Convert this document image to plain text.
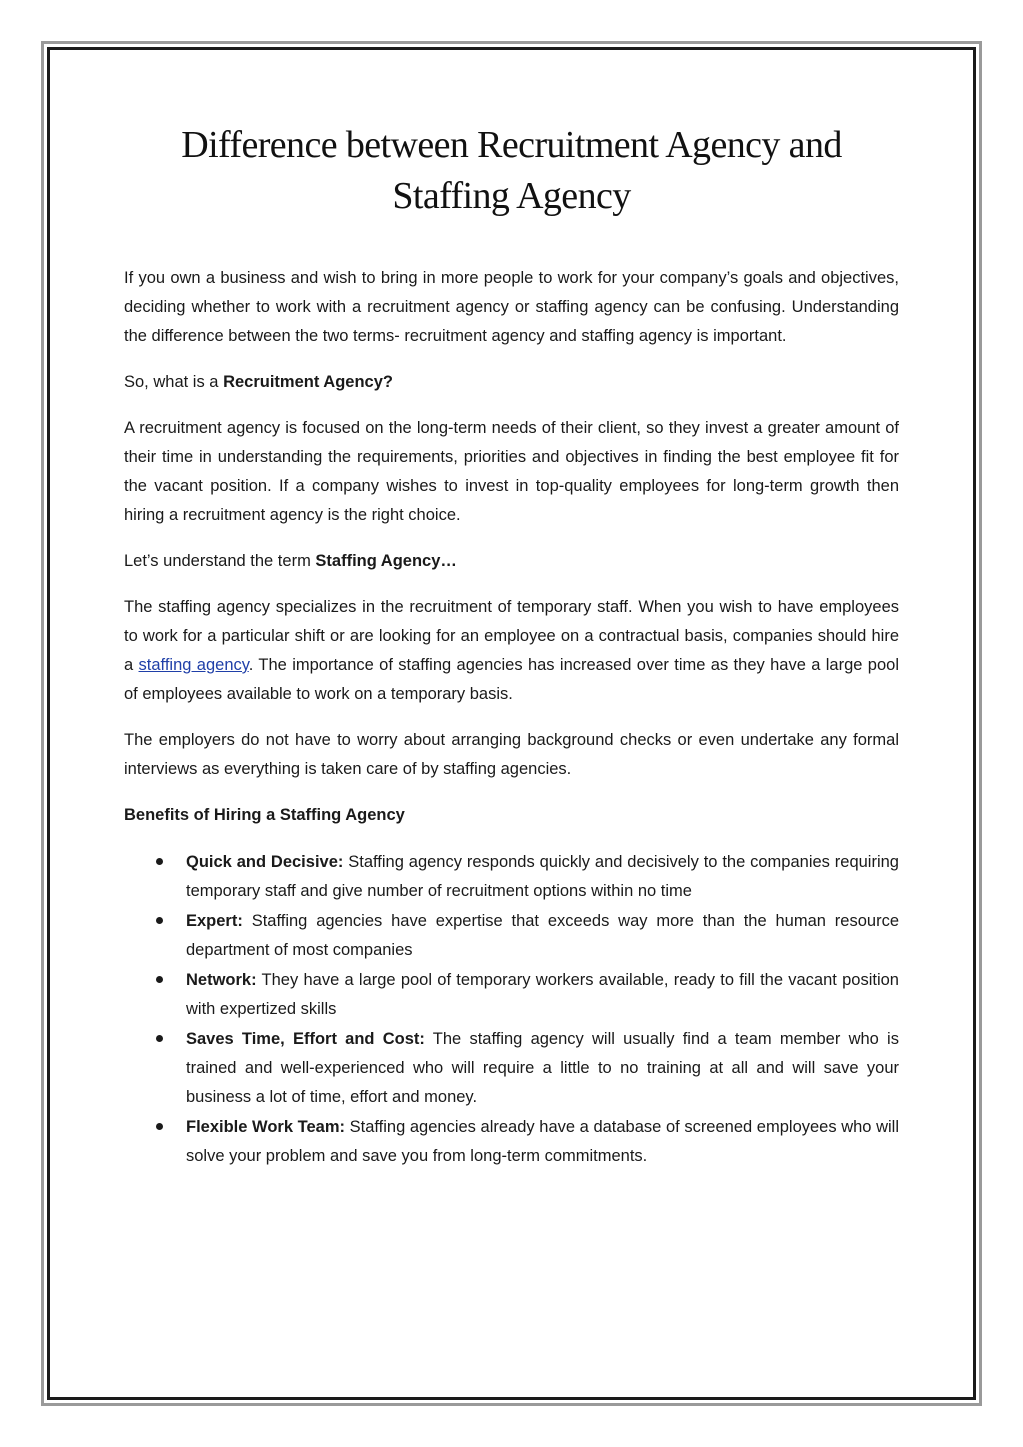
Difference between Recruitment Agency and Staffing Agency

If you own a business and wish to bring in more people to work for your company’s goals and objectives, deciding whether to work with a recruitment agency or staffing agency can be confusing. Understanding the difference between the two terms- recruitment agency and staffing agency is important.

So, what is a Recruitment Agency?

A recruitment agency is focused on the long-term needs of their client, so they invest a greater amount of their time in understanding the requirements, priorities and objectives in finding the best employee fit for the vacant position. If a company wishes to invest in top-quality employees for long-term growth then hiring a recruitment agency is the right choice.

Let’s understand the term Staffing Agency…

The staffing agency specializes in the recruitment of temporary staff. When you wish to have employees to work for a particular shift or are looking for an employee on a contractual basis, companies should hire a staffing agency. The importance of staffing agencies has increased over time as they have a large pool of employees available to work on a temporary basis.

The employers do not have to worry about arranging background checks or even undertake any formal interviews as everything is taken care of by staffing agencies.

Benefits of Hiring a Staffing Agency

Quick and Decisive: Staffing agency responds quickly and decisively to the companies requiring temporary staff and give number of recruitment options within no time
Expert: Staffing agencies have expertise that exceeds way more than the human resource department of most companies
Network: They have a large pool of temporary workers available, ready to fill the vacant position with expertized skills
Saves Time, Effort and Cost: The staffing agency will usually find a team member who is trained and well-experienced who will require a little to no training at all and will save your business a lot of time, effort and money.
Flexible Work Team: Staffing agencies already have a database of screened employees who will solve your problem and save you from long-term commitments.
